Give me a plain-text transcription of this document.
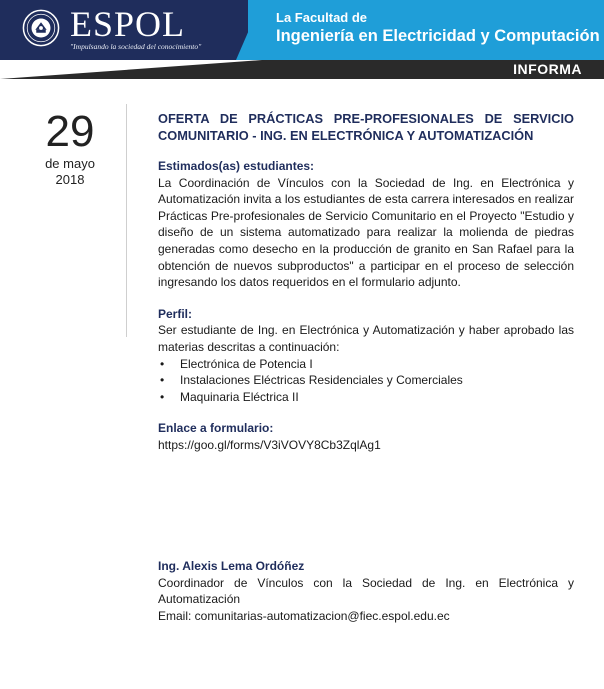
ESPOL
"Impulsando la sociedad del conocimiento"
La Facultad de
Ingeniería en Electricidad y Computación
INFORMA
29
de mayo
2018

OFERTA DE PRÁCTICAS PRE-PROFESIONALES DE SERVICIO COMUNITARIO - ING. EN ELECTRÓNICA Y AUTOMATIZACIÓN

Estimados(as) estudiantes:

La Coordinación de Vínculos con la Sociedad de Ing. en Electrónica y Automatización invita a los estudiantes de esta carrera interesados en realizar Prácticas Pre-profesionales de Servicio Comunitario en el Proyecto "Estudio y diseño de un sistema automatizado para realizar la molienda de piedras generadas como desecho en la producción de granito en San Rafael para la obtención de nuevos subproductos" a participar en el proceso de selección ingresando los datos requeridos en el formulario adjunto.

Perfil:

Ser estudiante de Ing. en Electrónica y Automatización y haber aprobado las materias descritas a continuación:

• Electrónica de Potencia I
• Instalaciones Eléctricas Residenciales y Comerciales
• Maquinaria Eléctrica II

Enlace a formulario:

https://goo.gl/forms/V3iVOVY8Cb3ZqlAg1

Ing. Alexis Lema Ordóñez

Coordinador de Vínculos con la Sociedad de Ing. en Electrónica y Automatización

Email: comunitarias-automatizacion@fiec.espol.edu.ec
